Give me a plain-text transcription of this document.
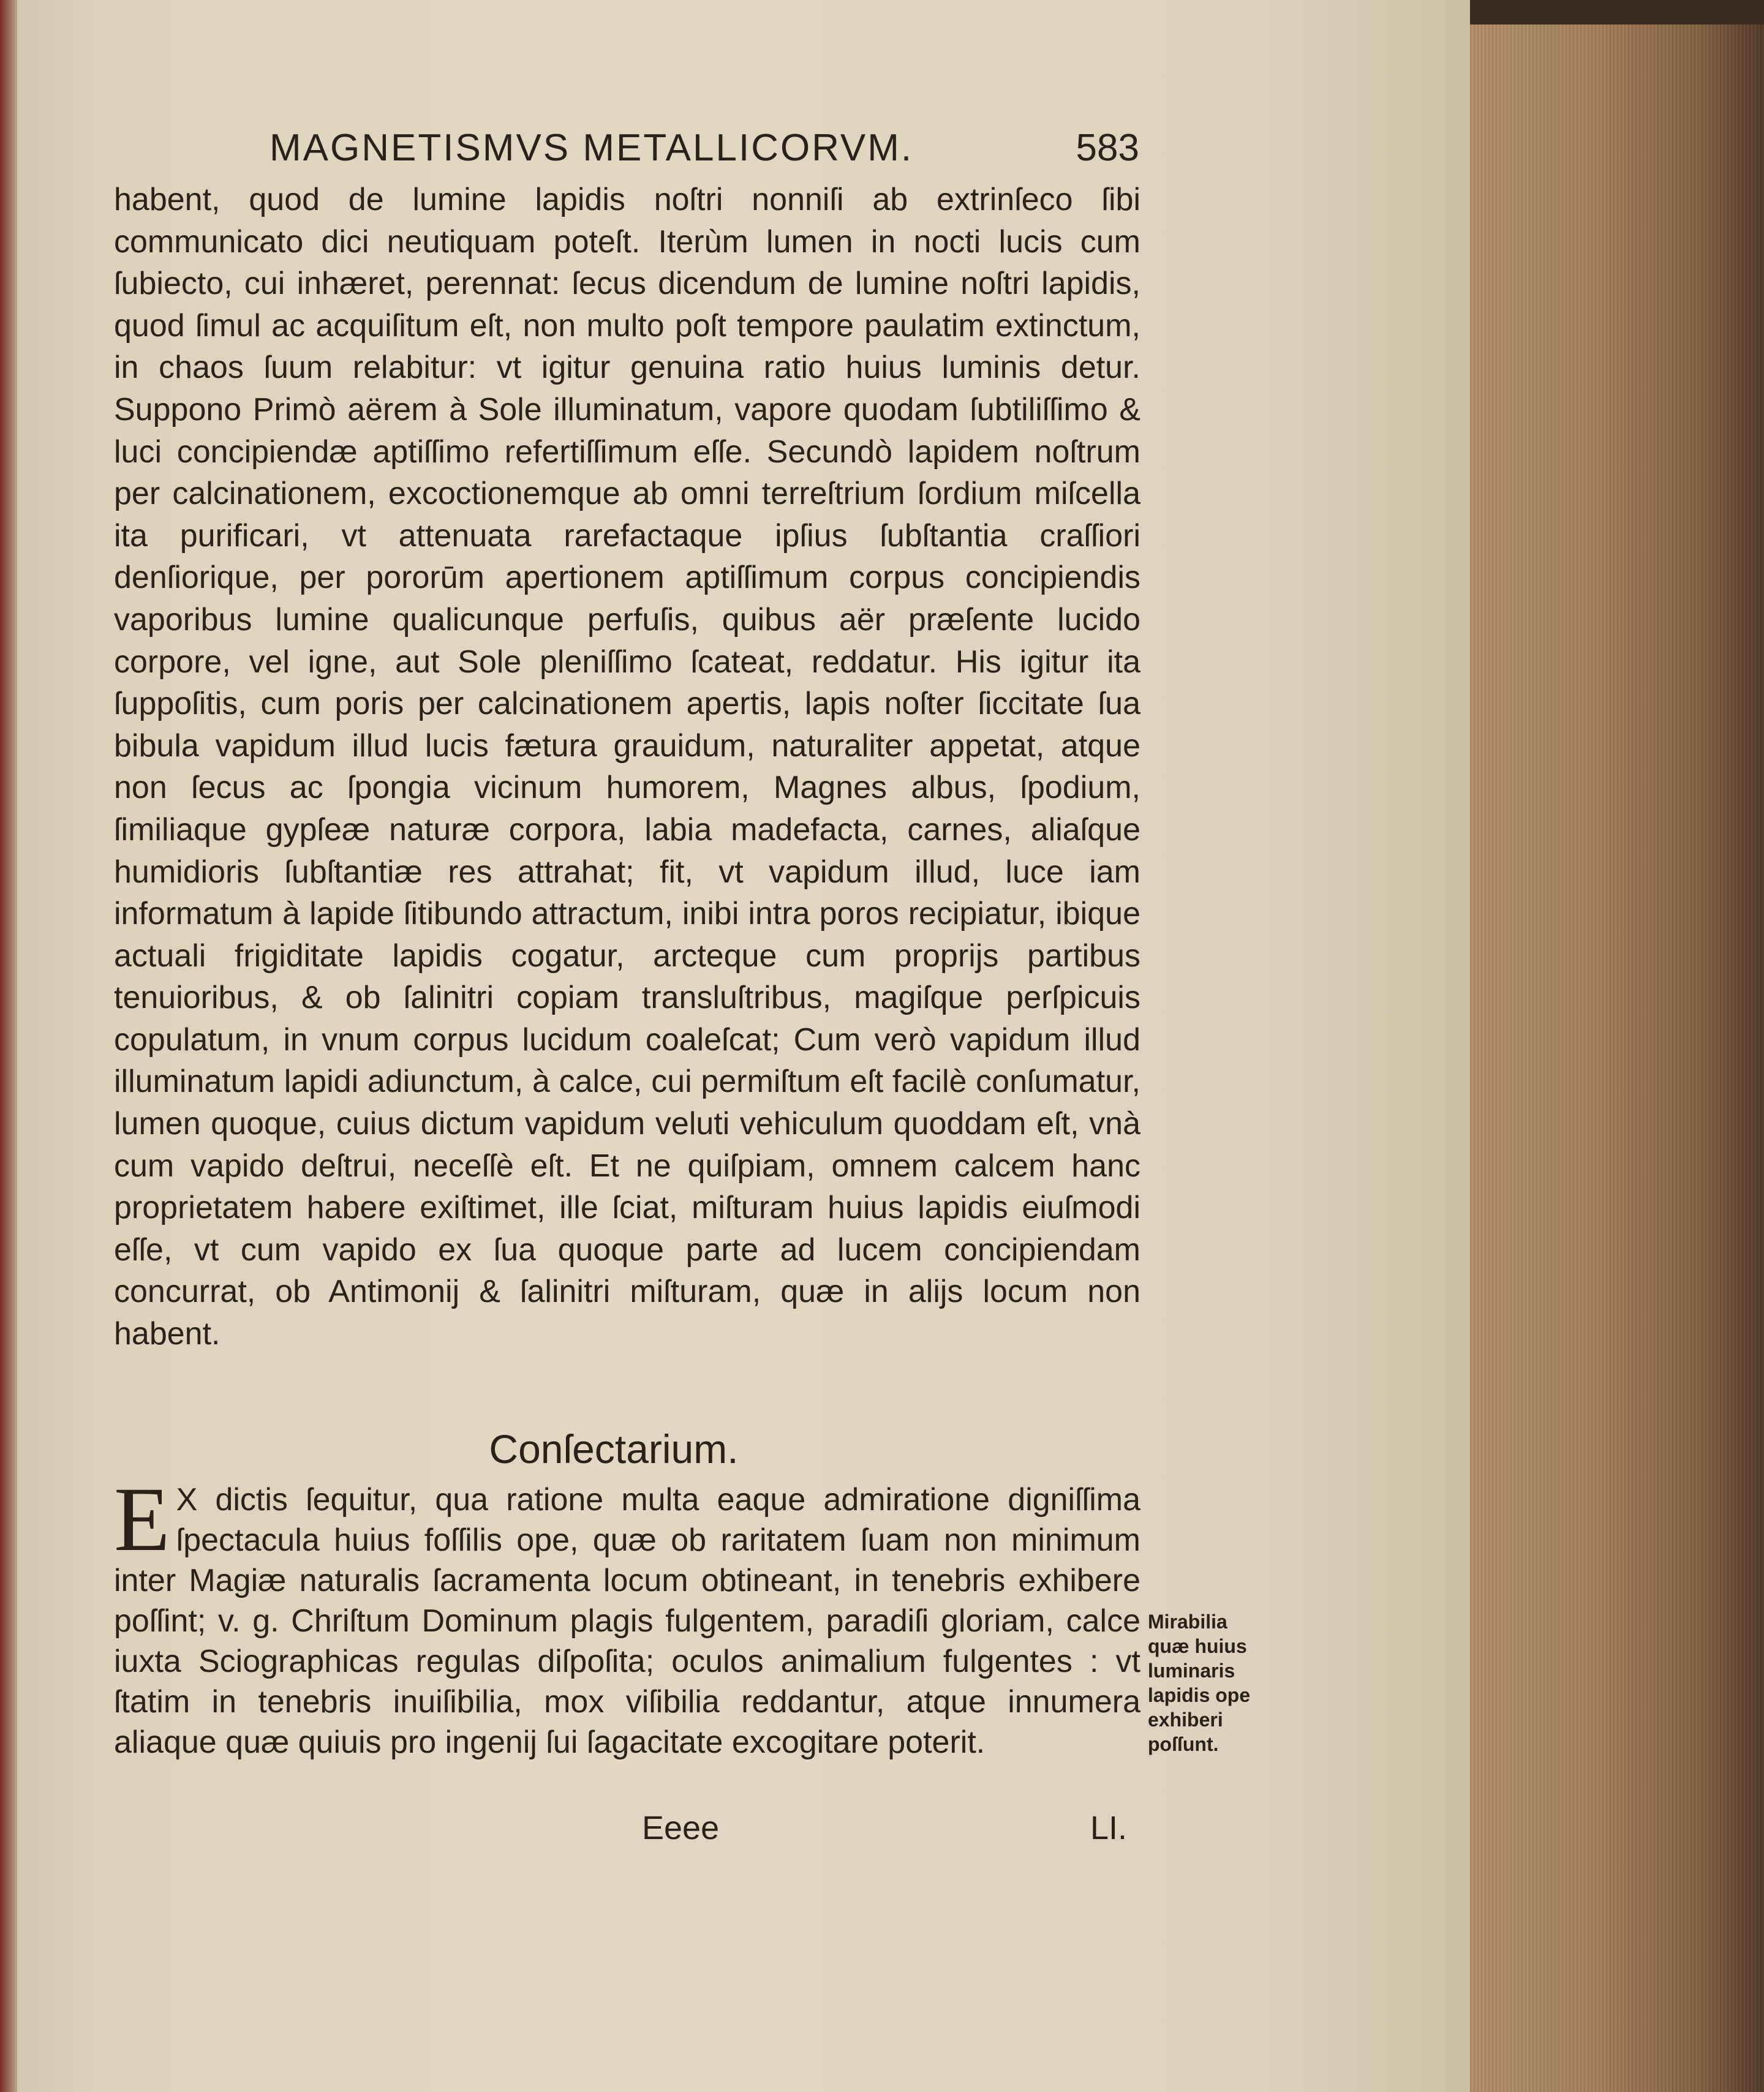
MAGNETISMVS METALLICORVM.	583

habent, quod de lumine lapidis noſtri nonniſi ab extrinſeco ſibi communicato dici neutiquam poteſt. Iterùm lumen in nocti lucis cum ſubiecto, cui inhæret, perennat: ſecus dicendum de lumine noſtri lapidis, quod ſimul ac acquiſitum eſt, non multo poſt tempore paulatim extinctum, in chaos ſuum relabitur: vt igitur genuina ratio huius luminis detur. Suppono Primò aërem à Sole illuminatum, vapore quodam ſubtiliſſimo & luci concipiendæ aptiſſimo refertiſſimum eſſe. Secundò lapidem noſtrum per calcinationem, excoctionemque ab omni terreſtrium ſordium miſcella ita purificari, vt attenuata rarefactaque ipſius ſubſtantia craſſiori denſiorique, per pororūm apertionem aptiſſimum corpus concipiendis vaporibus lumine qualicunque perfuſis, quibus aër præſente lucido corpore, vel igne, aut Sole pleniſſimo ſcateat, reddatur. His igitur ita ſuppoſitis, cum poris per calcinationem apertis, lapis noſter ſiccitate ſua bibula vapidum illud lucis fætura grauidum, naturaliter appetat, atque non ſecus ac ſpongia vicinum humorem, Magnes albus, ſpodium, ſimiliaque gypſeæ naturæ corpora, labia madefacta, carnes, aliaſque humidioris ſubſtantiæ res attrahat; fit, vt vapidum illud, luce iam informatum à lapide ſitibundo attractum, inibi intra poros recipiatur, ibique actuali frigiditate lapidis cogatur, arcteque cum proprijs partibus tenuioribus, & ob ſalinitri copiam transluſtribus, magiſque perſpicuis copulatum, in vnum corpus lucidum coaleſcat; Cum verò vapidum illud illuminatum lapidi adiunctum, à calce, cui permiſtum eſt facilè conſumatur, lumen quoque, cuius dictum vapidum veluti vehiculum quoddam eſt, vnà cum vapido deſtrui, neceſſè eſt. Et ne quiſpiam, omnem calcem hanc proprietatem habere exiſtimet, ille ſciat, miſturam huius lapidis eiuſmodi eſſe, vt cum vapido ex ſua quoque parte ad lucem concipiendam concurrat, ob Antimonij & ſalinitri miſturam, quæ in alijs locum non habent.

Conſectarium.
E X dictis ſequitur, qua ratione multa eaque admiratione digniſſima ſpectacula huius foſſilis ope, quæ ob raritatem ſuam non minimum inter Magiæ naturalis ſacramenta locum obtineant, in tenebris exhibere poſſint; v. g. Chriſtum Dominum plagis fulgentem, paradiſi gloriam, calce iuxta Sciographicas regulas diſpoſita; oculos animalium fulgentes : vt ſtatim in tenebris inuiſibilia, mox viſibilia reddantur, atque innumera aliaque quæ quiuis pro ingenij ſui ſagacitate excogitare poterit.
Mirabilia
quæ huius
luminaris
lapidis ope
exhiberi
poſſunt.
Eeee	LI.
